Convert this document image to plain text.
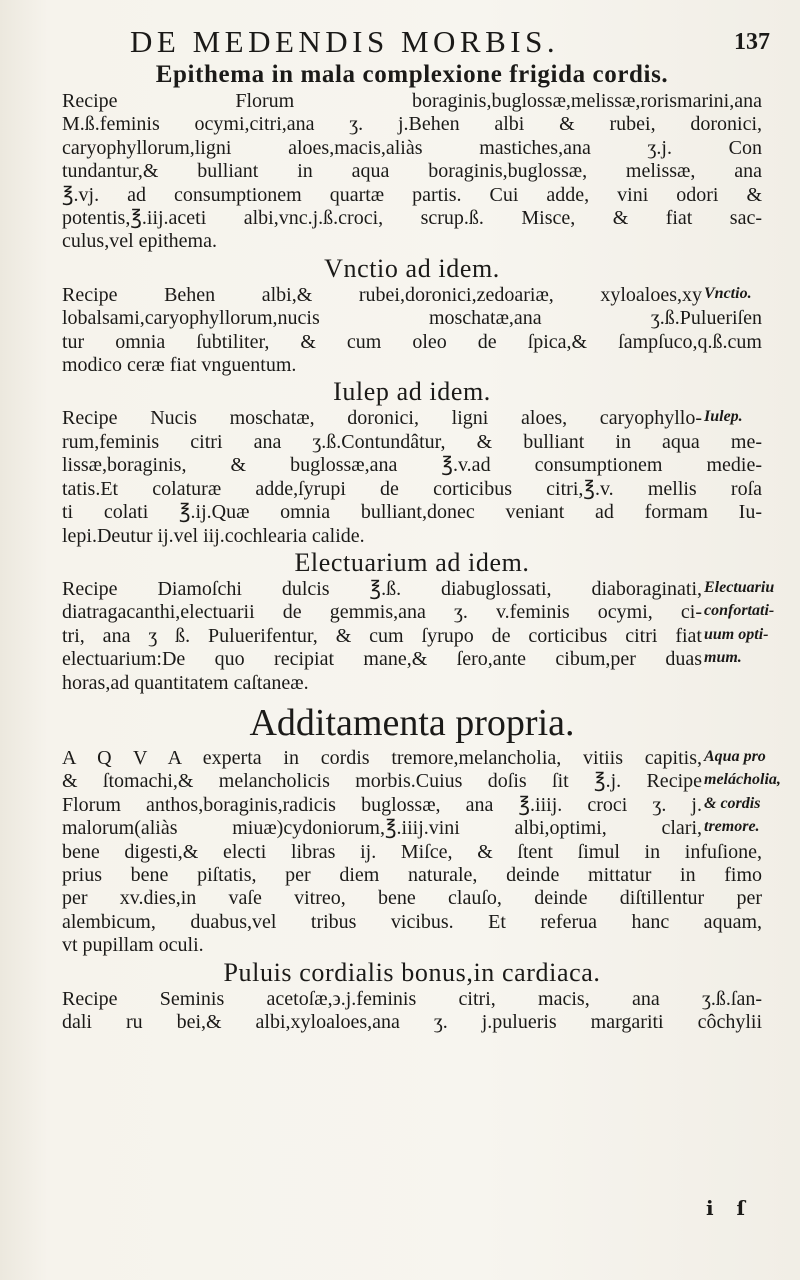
DE MEDENDIS MORBIS.	137
Epithema in mala complexione frigida cordis.
Recipe Florum boraginis,buglossæ,melissæ,rorismarini,ana
M.ß.feminis ocymi,citri,ana ʒ. j.Behen albi & rubei, doronici,
caryophyllorum,ligni aloes,macis,aliàs mastiches,ana ʒ.j. Con
tundantur,& bulliant in aqua boraginis,buglossæ, melissæ, ana
℥.vj. ad consumptionem quartæ partis. Cui adde, vini odori &
potentis,℥.iij.aceti albi,vnc.j.ß.croci, scrup.ß. Misce, & fiat sac-
culus,vel epithema.
Vnctio ad idem.
Recipe Behen albi,& rubei,doronici,zedoariæ, xyloaloes,xy Vnctio.
lobalsami,caryophyllorum,nucis moschatæ,ana ʒ.ß.Pulueriſen
tur omnia ſubtiliter, & cum oleo de ſpica,& ſampſuco,q.ß.cum
modico ceræ fiat vnguentum.
Iulep ad idem.
Recipe Nucis moschatæ, doronici, ligni aloes, caryophyllo- Iulep.
rum,feminis citri ana ʒ.ß.Contundâtur, & bulliant in aqua me-
lissæ,boraginis, & buglossæ,ana ℥.v.ad consumptionem medie-
tatis.Et colaturæ adde,ſyrupi de corticibus citri,℥.v. mellis roſa
ti colati ℥.ij.Quæ omnia bulliant,donec veniant ad formam Iu-
lepi.Deutur ij.vel iij.cochlearia calide.
Electuarium ad idem.
Recipe Diamoſchi dulcis ℥.ß. diabuglossati, diaboraginati, Electuariu
diatragacanthi,electuarii de gemmis,ana ʒ. v.feminis ocymi, ci- confortati-
tri, ana ʒ ß. Puluerifentur, & cum ſyrupo de corticibus citri fiat uum opti-
electuarium:De quo recipiat mane,& ſero,ante cibum,per duas mum.
horas,ad quantitatem caſtaneæ.
Additamenta propria.
A Q V A experta in cordis tremore,melancholia, vitiis capitis, Aqua pro
& ſtomachi,& melancholicis morbis.Cuius doſis ſit ℥.j. Recipe melácholia,
Florum anthos,boraginis,radicis buglossæ, ana ℥.iiij. croci ʒ. j. & cordis
malorum(aliàs miuæ)cydoniorum,℥.iiij.vini albi,optimi, clari, tremore.
bene digesti,& electi libras ij. Miſce, & ſtent ſimul in infuſione,
prius bene piſtatis, per diem naturale, deinde mittatur in fimo
per xv.dies,in vaſe vitreo, bene clauſo, deinde diſtillentur per
alembicum, duabus,vel tribus vicibus. Et referua hanc aquam,
vt pupillam oculi.
Puluis cordialis bonus,in cardiaca.
Recipe Seminis acetoſæ,϶.j.feminis citri, macis, ana ʒ.ß.ſan-
dali ru bei,& albi,xyloaloes,ana ʒ. j.pulueris margariti côchylii
i ſ
